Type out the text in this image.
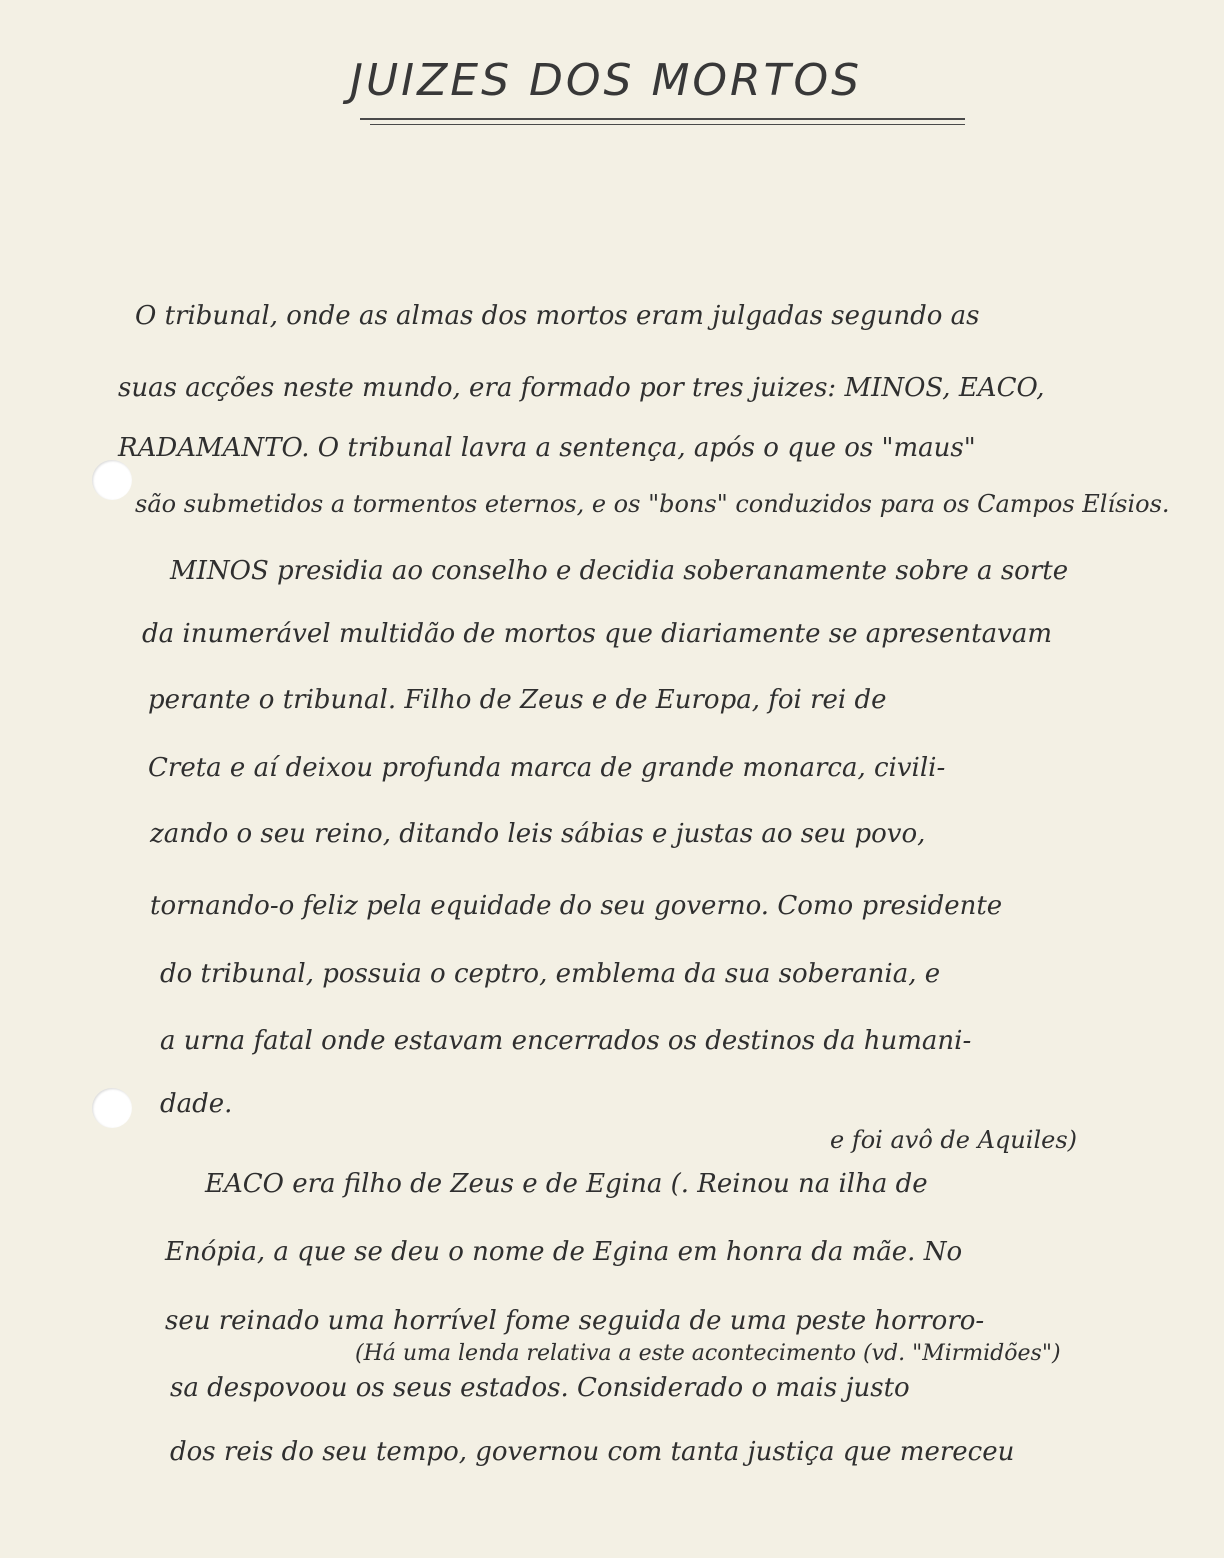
JUIZES DOS MORTOS
O tribunal, onde as almas dos mortos eram julgadas segundo as
suas acções neste mundo, era formado por tres juizes: MINOS, EACO,
RADAMANTO. O tribunal lavra a sentença, após o que os "maus"
são submetidos a tormentos eternos, e os "bons" conduzidos para os Campos Elísios.
MINOS presidia ao conselho e decidia soberanamente sobre a sorte
da inumerável multidão de mortos que diariamente se apresentavam
perante o tribunal. Filho de Zeus e de Europa, foi rei de
Creta e aí deixou profunda marca de grande monarca, civili-
zando o seu reino, ditando leis sábias e justas ao seu povo,
tornando-o feliz pela equidade do seu governo. Como presidente
do tribunal, possuia o ceptro, emblema da sua soberania, e
a urna fatal onde estavam encerrados os destinos da humani-
dade.
e foi avô de Aquiles)
EACO era filho de Zeus e de Egina (. Reinou na ilha de
Enópia, a que se deu o nome de Egina em honra da mãe. No
seu reinado uma horrível fome seguida de uma peste horroro-
(Há uma lenda relativa a este acontecimento (vd. "Mirmidões")
sa despovoou os seus estados. Considerado o mais justo
dos reis do seu tempo, governou com tanta justiça que mereceu
